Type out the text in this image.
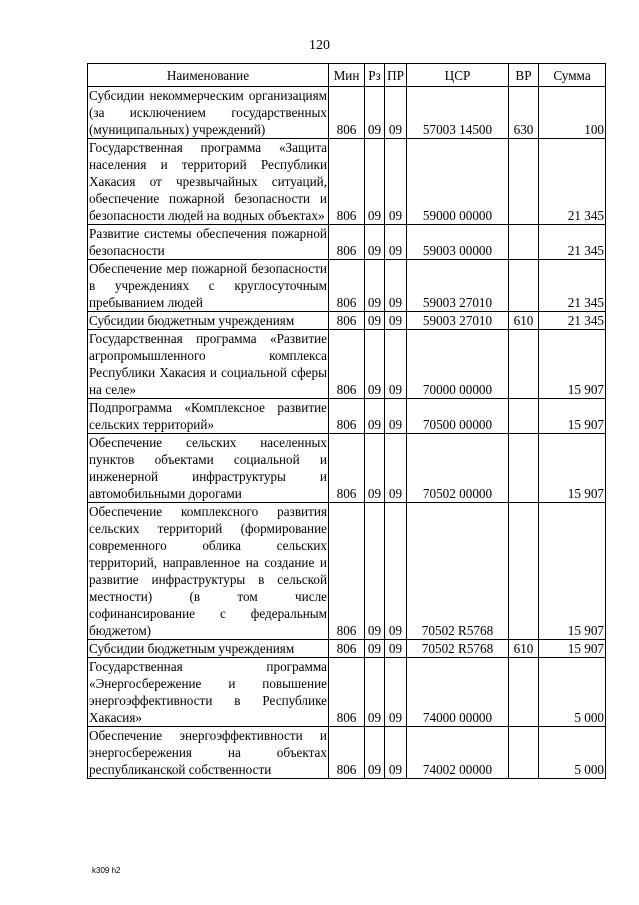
120
Наименование	Мин	Рз	ПР	ЦСР	ВР	Сумма
Субсидии некоммерческим организациям (за исключением государственных (муниципальных) учреждений)	806	09	09	57003 14500	630	100
Государственная программа «Защита населения и территорий Республики Хакасия от чрезвычайных ситуаций, обеспечение пожарной безопасности и безопасности людей на водных объектах»	806	09	09	59000 00000		21 345
Развитие системы обеспечения пожарной безопасности	806	09	09	59003 00000		21 345
Обеспечение мер пожарной безопасности в учреждениях с круглосуточным пребыванием людей	806	09	09	59003 27010		21 345
Субсидии бюджетным учреждениям	806	09	09	59003 27010	610	21 345
Государственная программа «Развитие агропромышленного комплекса Республики Хакасия и социальной сферы на селе»	806	09	09	70000 00000		15 907
Подпрограмма «Комплексное развитие сельских территорий»	806	09	09	70500 00000		15 907
Обеспечение сельских населенных пунктов объектами социальной и инженерной инфраструктуры и автомобильными дорогами	806	09	09	70502 00000		15 907
Обеспечение комплексного развития сельских территорий (формирование современного облика сельских территорий, направленное на создание и развитие инфраструктуры в сельской местности) (в том числе софинансирование с федеральным бюджетом)	806	09	09	70502 R5768		15 907
Субсидии бюджетным учреждениям	806	09	09	70502 R5768	610	15 907
Государственная программа «Энергосбережение и повышение энергоэффективности в Республике Хакасия»	806	09	09	74000 00000		5 000
Обеспечение энергоэффективности и энергосбережения на объектах республиканской собственности	806	09	09	74002 00000		5 000
k309 h2
